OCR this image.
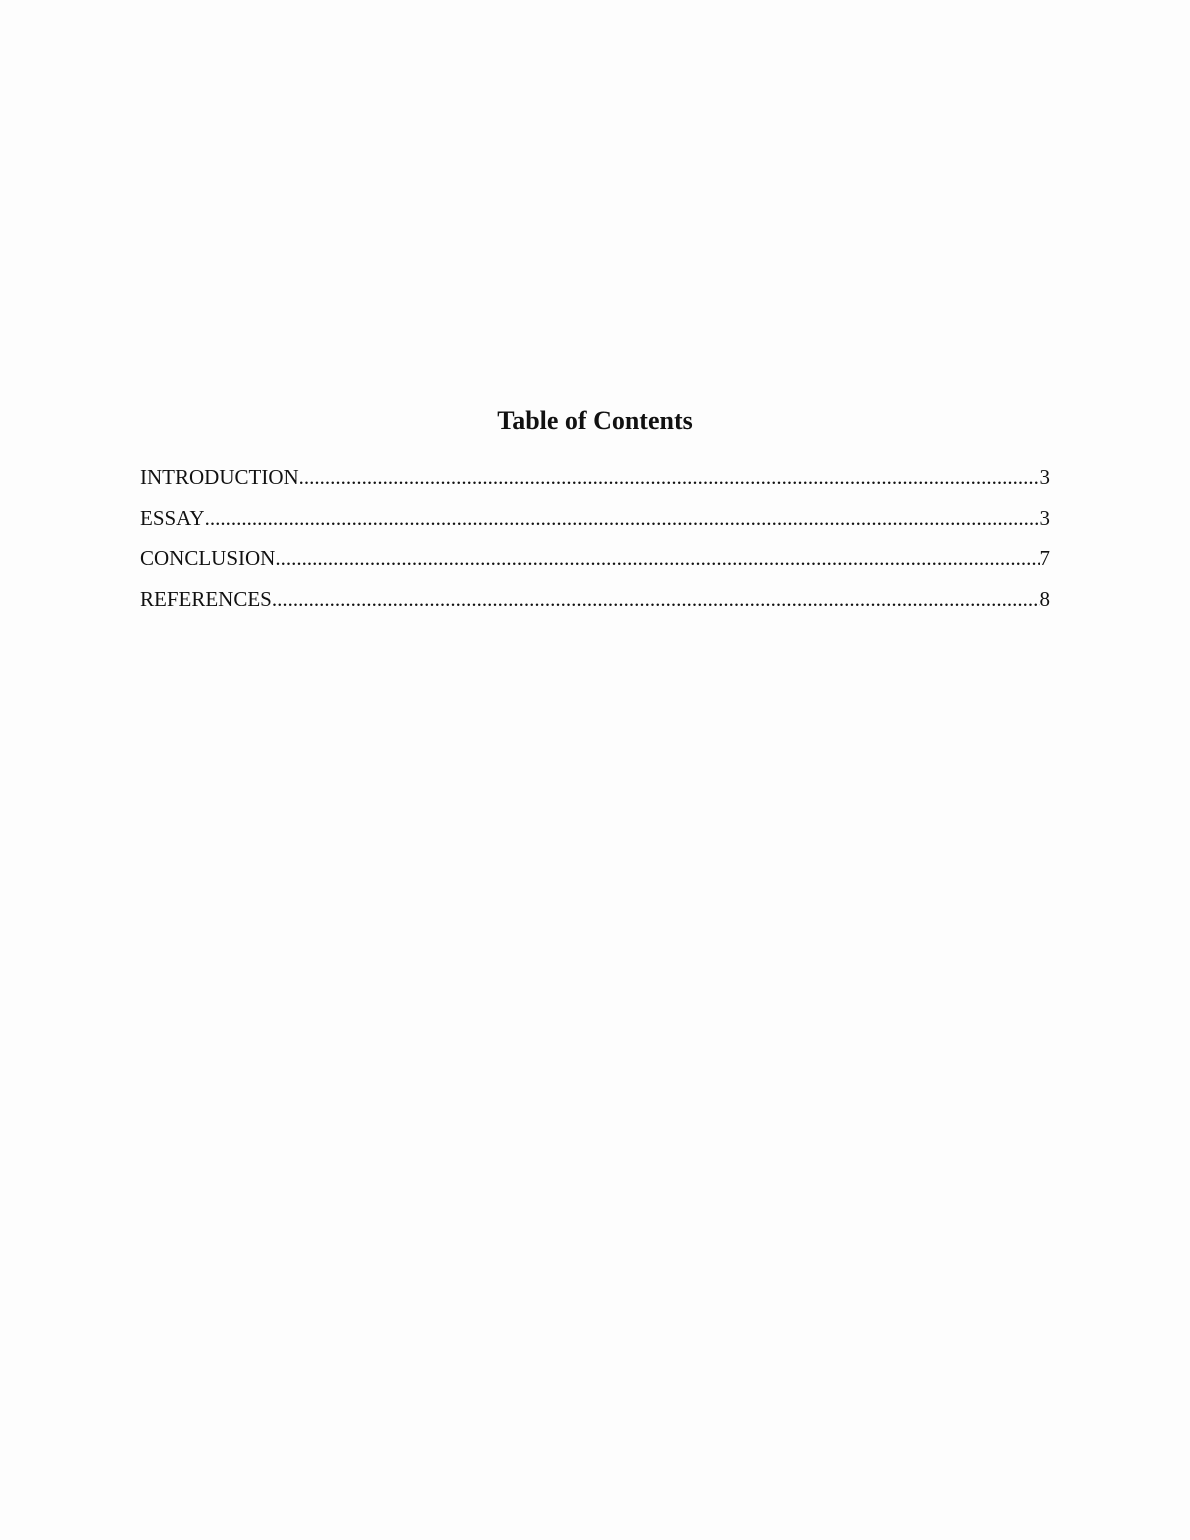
Table of Contents
INTRODUCTION .....	3
ESSAY .....	3
CONCLUSION .....	7
REFERENCES .....	8
